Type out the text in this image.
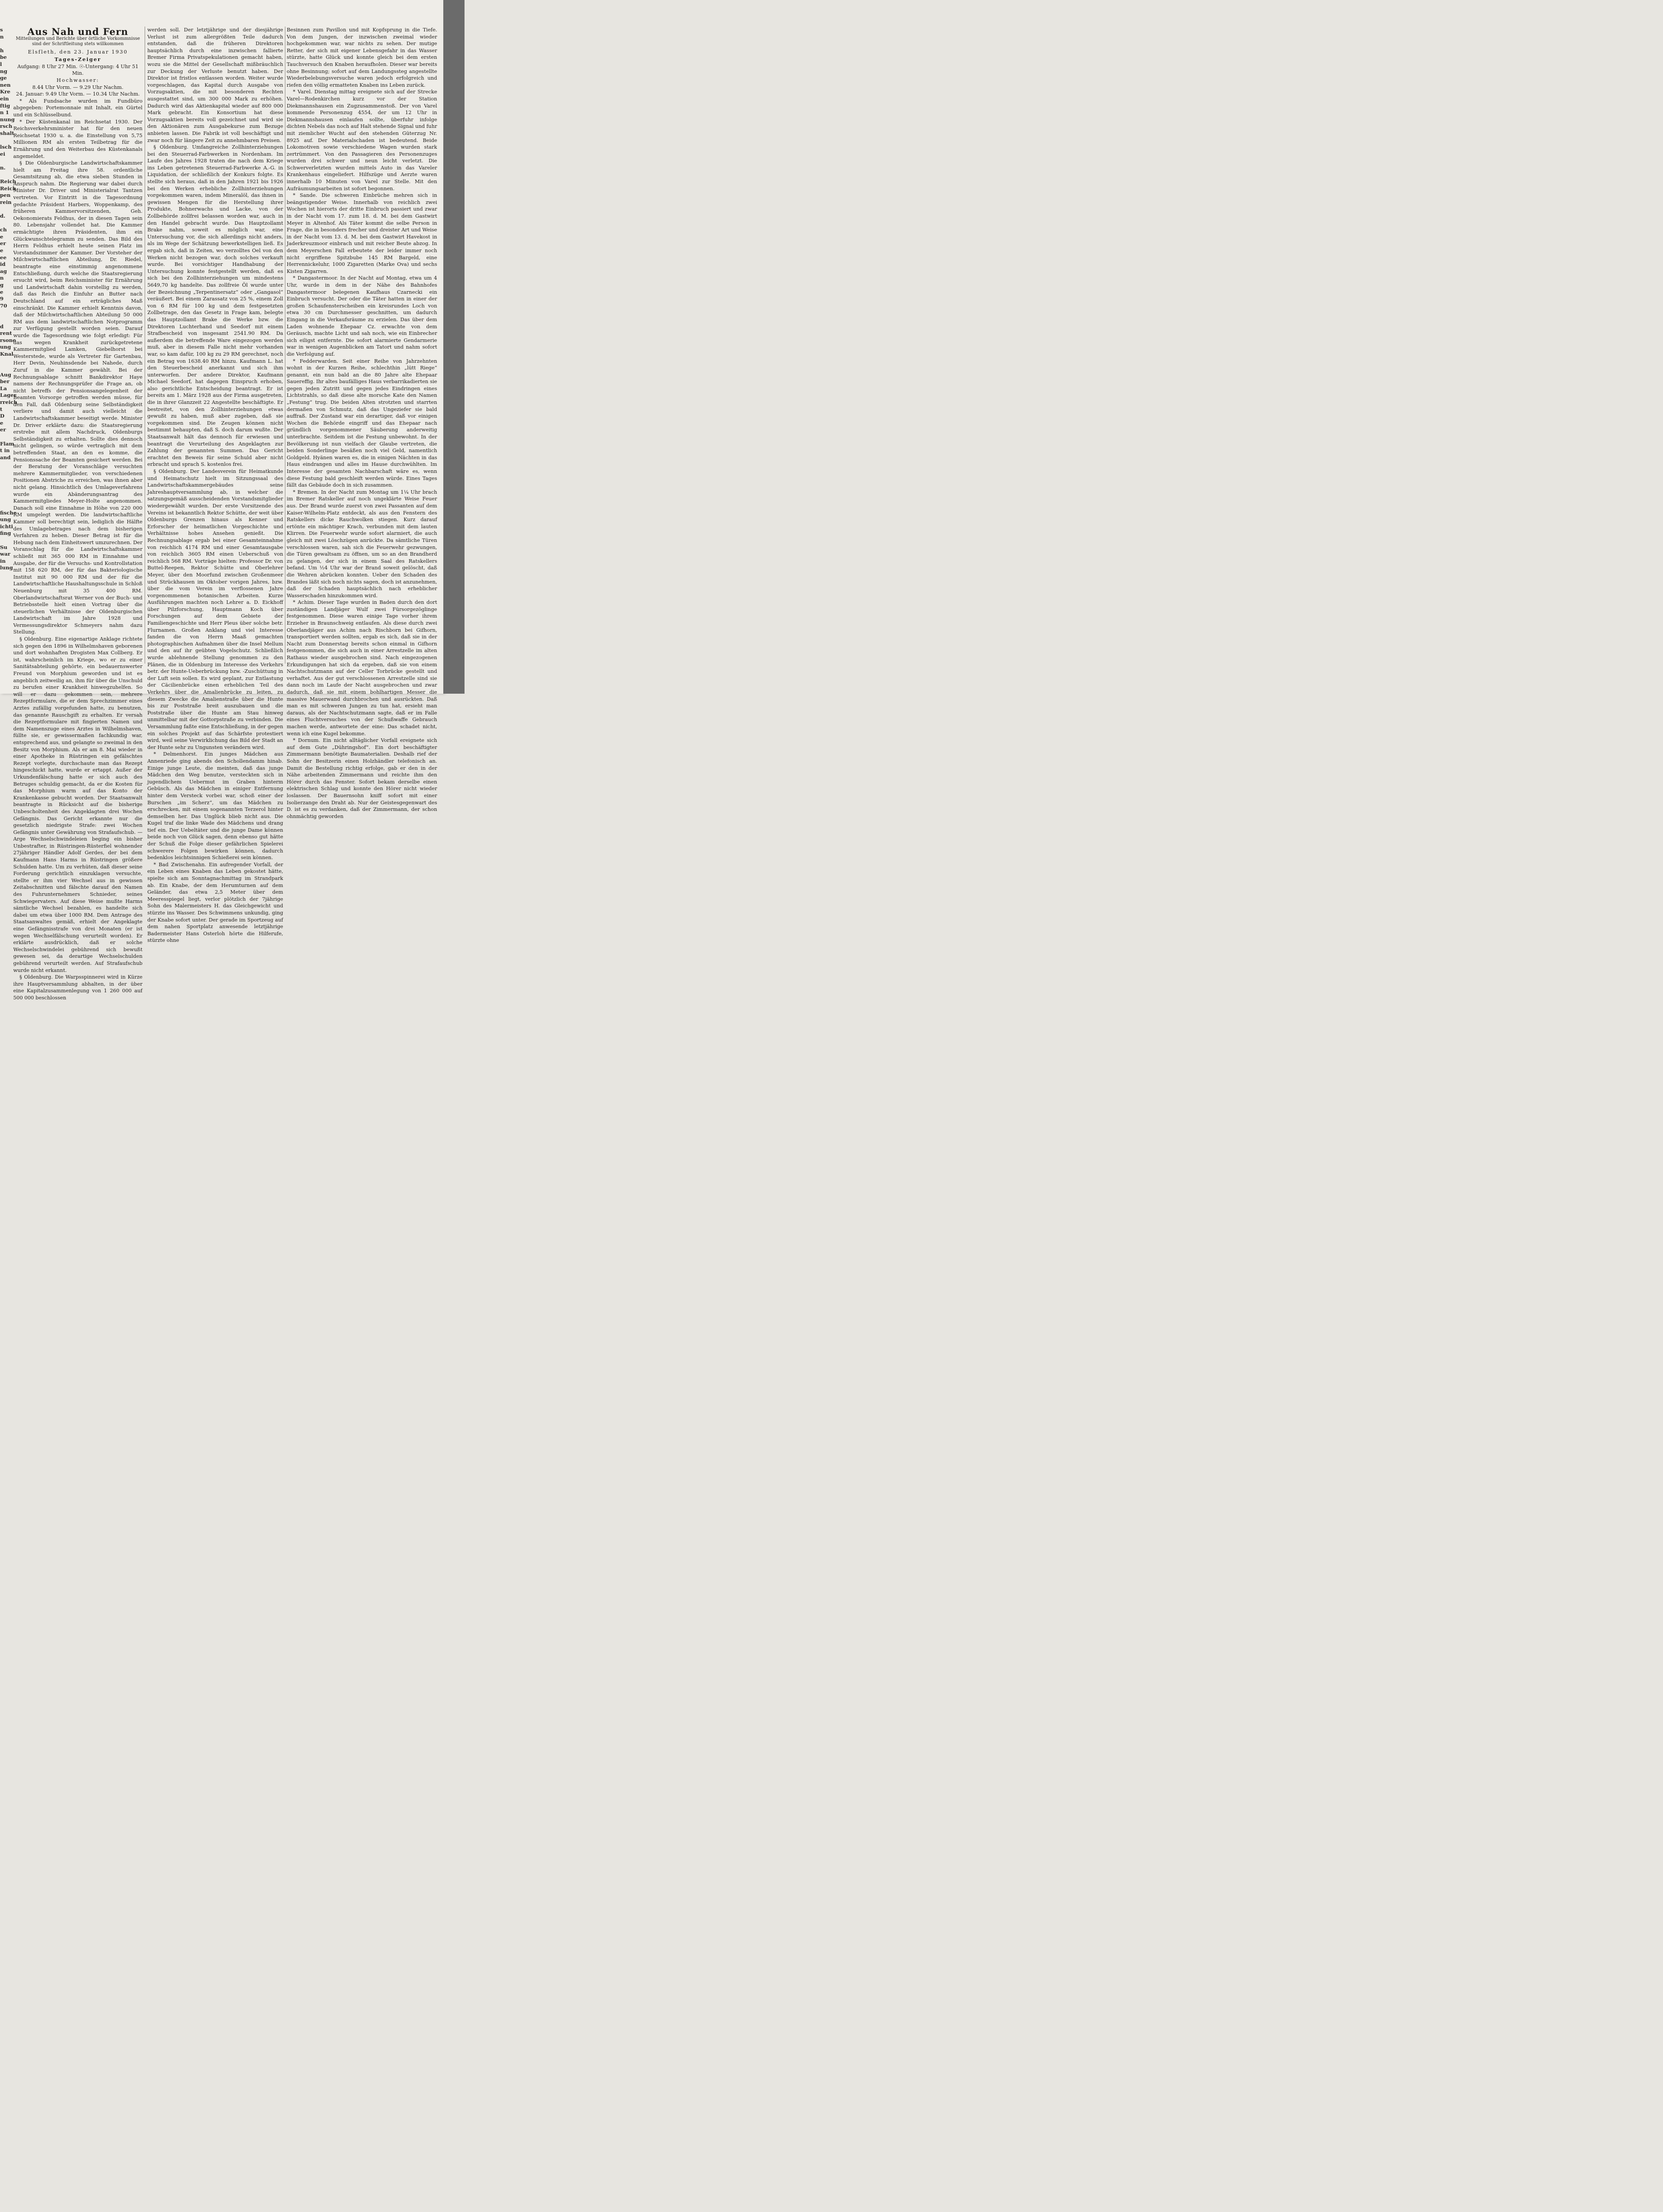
s
n

h
be
l
ng
ge
nen
Kre
ein
ftig
n 1
nung
rsch
shalt

lsch
ei

n.

Reich
Reich
pen
rein

d.

ch
e
er
e
ee
id
ag
n
g
e
9
70

d
rent
rsone
ung
Knal

Aug
ber
La
Lager
rreich
t
D
e
er

Flam
t in
and

fische
ung
ichti
fing

Su
war
in
lung

Aus Nah und Fern
Mitteilungen und Berichte über örtliche Vorkommnisse sind der Schriftleitung stets willkommen
Elsfleth, den 23. Januar 1930
Tages-Zeiger
Aufgang: 8 Uhr 27 Min. ☉-Untergang: 4 Uhr 51 Min.
Hochwasser:
8.44 Uhr Vorm. — 9.29 Uhr Nachm.
24. Januar: 9.49 Uhr Vorm. — 10.34 Uhr Nachm.

* Als Fundsache wurden im Fundbüro abgegeben: Portemonnaie mit Inhalt, ein Gürtel und ein Schlüsselbund.

* Der Küstenkanal im Reichsetat 1930. Der Reichsverkehrsminister hat für den neuen Reichsetat 1930 u. a. die Einstellung von 5,75 Millionen RM als ersten Teilbetrag für die Ernährung und den Weiterbau des Küstenkanals angemeldet.

§ Die Oldenburgische Landwirtschaftskammer hielt am Freitag ihre 58. ordentliche Gesamtsitzung ab, die etwa sieben Stunden in Anspruch nahm. Die Regierung war dabei durch Minister Dr. Driver und Ministerialrat Tantzen vertreten. Vor Eintritt in die Tagesordnung gedachte Präsident Harbers, Woppenkamp, des früheren Kammervorsitzenden, Geh. Oekonomierats Feldhus, der in diesen Tagen sein 80. Lebensjahr vollendet hat. Die Kammer ermächtigte ihren Präsidenten, ihm ein Glückwunschtelegramm zu senden. Das Bild des Herrn Feldhus erhielt heute seinen Platz im Vorstandszimmer der Kammer. Der Vorsteher der Milchwirtschaftlichen Abteilung, Dr. Riedel, beantragte eine einstimmig angenommene Entschließung, durch welche die Staatsregierung ersucht wird, beim Reichsminister für Ernährung und Landwirtschaft dahin vorstellig zu werden, daß das Reich die Einfuhr an Butter nach Deutschland auf ein erträgliches Maß einschränkt. Die Kammer erhielt Kenntnis davon, daß der Milchwirtschaftlichen Abteilung 50 000 RM aus dem landwirtschaftlichen Notprogramm zur Verfügung gestellt worden seien. Darauf wurde die Tagesordnung wie folgt erledigt: Für das wegen Krankheit zurückgetretene Kammermitglied Lamken, Giebelhorst bei Westerstede, wurde als Vertreter für Gartenbau, Herr Devin, Neuhinsdende bei Nahede, durch Zuruf in die Kammer gewählt. Bei der Rechnungsablage schnitt Bankdirektor Haye namens der Rechnungsprüfer die Frage an, ob nicht betreffs der Pensionsangelegenheit der Beamten Vorsorge getroffen werden müsse, für den Fall, daß Oldenburg seine Selbständigkeit verliere und damit auch vielleicht die Landwirtschaftskammer beseitigt werde. Minister Dr. Driver erklärte dazu: die Staatsregierung erstrebe mit allem Nachdruck, Oldenburgs Selbständigkeit zu erhalten. Sollte dies dennoch nicht gelingen, so würde vertraglich mit dem betreffenden Staat, an den es komme, die Pensionssache der Beamten gesichert werden. Bei der Beratung der Voranschläge versuchten mehrere Kammermitglieder, von verschiedenen Positionen Abstriche zu erreichen, was ihnen aber nicht gelang. Hinsichtlich des Umlageverfahrens wurde ein Abänderungsantrag des Kammermitgliedes Meyer-Holte angenommen. Danach soll eine Einnahme in Höhe von 220 000 RM umgelegt werden. Die landwirtschaftliche Kammer soll berechtigt sein, lediglich die Hälfte des Umlagebetrages nach dem bisherigen Verfahren zu heben. Dieser Betrag ist für die Hebung nach dem Einheitswert umzurechnen. Der Voranschlag für die Landwirtschaftskammer schließt mit 365 000 RM in Einnahme und Ausgabe, der für die Versuchs- und Kontrollstation mit 158 620 RM, der für das Bakteriologische Institut mit 90 000 RM und der für die Landwirtschaftliche Haushaltungsschule in Schloß Neuenburg mit 35 400 RM. Oberlandwirtschaftsrat Werner von der Buch- und Betriebsstelle hielt einen Vortrag über die steuerlichen Verhältnisse der Oldenburgischen Landwirtschaft im Jahre 1928 und Vermessungsdirektor Schmeyers nahm dazu Stellung.

§ Oldenburg. Eine eigenartige Anklage richtete sich gegen den 1896 in Wilhelmshaven geborenen und dort wohnhaften Drogisten Max Collberg. Er ist, wahrscheinlich im Kriege, wo er zu einer Sanitätsabteilung gehörte, ein bedauernswerter Freund von Morphium geworden und ist es angeblich zeitweilig an, ihm für über die Unschuld zu berufen einer Krankheit hinwegzuhelfen. So will er dazu gekommen sein, mehrere Rezeptformulare, die er dem Sprechzimmer eines Arztes zufällig vorgefunden hatte, zu benutzen, das genannte Rauschgift zu erhalten. Er versah die Rezeptformulare mit fingierten Namen und dem Namenszuge eines Arztes in Wilhelmshaven, füllte sie, er gewissermaßen fachkundig war, entsprechend aus, und gelangte so zweimal in den Besitz von Morphium. Als er am 8. Mai wieder in einer Apotheke in Rüstringen ein gefälschtes Rezept vorlegte, durchschaute man das Rezept hingeschickt hatte, wurde er ertappt. Außer der Urkundenfälschung hatte er sich auch des Betruges schuldig gemacht, da er die Kosten für das Morphium warm auf das Konto der Krankenkasse gebucht worden. Der Staatsanwalt beantragte in Rücksicht auf die bisherige Unbescholtenheit des Angeklagten drei Wochen Gefängnis. Das Gericht erkannte nur die gesetzlich niedrigste Strafe: zwei Wochen Gefängnis unter Gewährung von Strafaufschub. — Arge Wechselschwindeleien beging ein bisher Unbestrafter, in Rüstringen-Rüsterfiel wohnender 27jähriger Händler Adolf Gerdes, der bei dem Kaufmann Hans Harms in Rüstringen größere Schulden hatte. Um zu verhüten, daß dieser seine Forderung gerichtlich einzuklagen versuchte, stellte er ihm vier Wechsel aus in gewissen Zeitabschnitten und fälschte darauf den Namen des Fuhrunternehmers Schnieder, seines Schwiegervaters. Auf diese Weise mußte Harms sämtliche Wechsel bezahlen, es handelte sich dabei um etwa über 1000 RM. Dem Antrage des Staatsanwaltes gemäß, erhielt der Angeklagte eine Gefängnisstrafe von drei Monaten (er ist wegen Wechselfälschung verurteilt worden). Er erklärte ausdrücklich, daß er solche Wechselschwindelei gebührend sich bewußt gewesen sei, da derartige Wechselschulden gebührend verurteilt werden. Auf Strafaufschub wurde nicht erkannt.

§ Oldenburg. Die Warpsspinnerei wird in Kürze ihre Hauptversammlung abhalten, in der über eine Kapitalzusammenlegung von 1 260 000 auf 500 000 beschlossen

werden soll. Der letztjährige und der diesjährige Verlust ist zum allergrößten Teile dadurch entstanden, daß die früheren Direktoren hauptsächlich durch eine inzwischen fallierte Bremer Firma Privatspekulationen gemacht haben, wozu sie die Mittel der Gesellschaft mißbräuchlich zur Deckung der Verluste benutzt haben. Der Direktor ist fristlos entlassen worden. Weiter wurde vorgeschlagen, das Kapital durch Ausgabe von Vorzugsaktien, die mit besonderen Rechten ausgestattet sind, um 300 000 Mark zu erhöhen. Dadurch wird das Aktienkapital wieder auf 800 000 Mark gebracht. Ein Konsortium hat diese Vorzugsaktien bereits voll gezeichnet und wird sie den Aktionären zum Ausgabekurse zum Bezuge anbieten lassen. Die Fabrik ist voll beschäftigt und zwar noch für längere Zeit zu annehmbaren Preisen.

§ Oldenburg. Umfangreiche Zollhinterziehungen bei den Steuerrad-Farbwerken in Nordenham. Im Laufe des Jahres 1928 traten die nach dem Kriege ins Leben getretenen Steuerrad-Farbwerke A.-G. in Liquidation, der schließlich der Konkurs folgte. Es stellte sich heraus, daß in den Jahren 1921 bis 1926 bei den Werken erhebliche Zollhinterziehungen vorgekommen waren, indem Mineralöl, das ihnen in gewissen Mengen für die Herstellung ihrer Produkte, Bohnerwachs und Lacke, von der Zollbehörde zollfrei belassen worden war, auch in den Handel gebracht wurde. Das Hauptzollamt Brake nahm, soweit es möglich war, eine Untersuchung vor, die sich allerdings nicht anders, als im Wege der Schätzung bewerkstelligen ließ. Es ergab sich, daß in Zeiten, wo verzolltes Oel von den Werken nicht bezogen war, doch solches verkauft wurde. Bei vorsichtiger Handhabung der Untersuchung konnte festgestellt werden, daß es sich bei den Zollhinterziehungen um mindestens 5649,70 kg handelte. Das zollfreie Öl wurde unter der Bezeichnung „Terpentinersatz“ oder „Gangasol“ veräußert. Bei einem Zarassatz von 25 %, einem Zoll von 6 RM für 100 kg und dem festgesetzten Zollbetrage, den das Gesetz in Frage kam, belegte das Hauptzollamt Brake die Werke bzw. die Direktoren Luchterhand und Seedorf mit einem Strafbescheid von insgesamt 2541.90 RM. Da außerdem die betreffende Ware eingezogen werden muß, aber in diesem Falle nicht mehr vorhanden war, so kam dafür, 100 kg zu 29 RM gerechnet, noch ein Betrag von 1638.40 RM hinzu. Kaufmann L. hat den Steuerbescheid anerkannt und sich ihm unterworfen. Der andere Direktor, Kaufmann Michael Seedorf, hat dagegen Einspruch erhoben, also gerichtliche Entscheidung beantragt. Er ist bereits am 1. März 1928 aus der Firma ausgetreten, die in ihrer Glanzzeit 22 Angestellte beschäftigte. Er bestreitet, von den Zollhinterziehungen etwas gewußt zu haben, muß aber zugeben, daß sie vorgekommen sind. Die Zeugen können nicht bestimmt behaupten, daß S. doch darum wußte. Der Staatsanwalt hält das dennoch für erwiesen und beantragt die Verurteilung des Angeklagten zur Zahlung der genannten Summen. Das Gericht erachtet den Beweis für seine Schuld aber nicht erbracht und sprach S. kostenlos frei.

§ Oldenburg. Der Landesverein für Heimatkunde und Heimatschutz hielt im Sitzungssaal des Landwirtschaftskammergebäudes seine Jahreshauptversammlung ab, in welcher die satzungsgemäß ausscheidenden Vorstandsmitglieder wiedergewählt wurden. Der erste Vorsitzende des Vereins ist bekanntlich Rektor Schütte, der weit über Oldenburgs Grenzen hinaus als Kenner und Erforscher der heimatlichen Vorgeschichte und Verhältnisse hohes Ansehen genießt. Die Rechnungsablage ergab bei einer Gesamteinnahme von reichlich 4174 RM und einer Gesamtausgabe von reichlich 3605 RM einen Ueberschuß von reichlich 568 RM. Vorträge hielten: Professor Dr. von Buttel-Reepen, Rektor Schütte und Oberlehrer Meyer, über den Moorfund zwischen Großenmeer und Strückhausen im Oktober vorigen Jahres, bzw. über die vom Verein im verflossenen Jahre vorgenommenen botanischen Arbeiten. Kurze Ausführungen machten noch Lehrer a. D. Eickhoff über Pilzforschung, Hauptmann Koch über Forschungen auf dem Gebiete der Familiengeschichte und Herr Pleus über solche betr. Flurnamen. Großen Anklang und viel Interesse fanden die von Herrn Maaß gemachten photographischen Aufnahmen über die Insel Mellum und den auf ihr geübten Vogelschutz. Schließlich wurde ablehnende Stellung genommen zu den Plänen, die in Oldenburg im Interesse des Verkehrs betr. der Hunte-Ueberbrückung bzw. -Zuschüttung in der Luft sein sollen. Es wird geplant, zur Entlastung der Cäcilienbrücke einen erheblichen Teil des Verkehrs über die Amalienbrücke zu leiten, zu diesem Zwecke die Amalienstraße über die Hunte bis zur Poststraße breit auszubauen und die Poststraße über die Hunte am Stau hinweg unmittelbar mit der Gottorpstraße zu verbinden. Die Versammlung faßte eine Entschließung, in der gegen ein solches Projekt auf das Schärfste protestiert wird, weil seine Verwirklichung das Bild der Stadt an der Hunte sehr zu Ungunsten verändern wird.

* Delmenhorst. Ein junges Mädchen aus Annenriede ging abends den Schollendamm hinab. Einige junge Leute, die meinten, daß das junge Mädchen den Weg benutze, versteckten sich in jugendlichem Uebermut im Graben hinterm Gebüsch. Als das Mädchen in einiger Entfernung hinter dem Versteck vorbei war, schoß einer der Burschen „im Scherz“, um das Mädchen zu erschrecken, mit einem sogenannten Terzerol hinter demselben her. Das Unglück blieb nicht aus. Die Kugel traf die linke Wade des Mädchens und drang tief ein. Der Uebeltäter und die junge Dame können beide noch von Glück sagen, denn ebenso gut hätte der Schuß die Folge dieser gefährlichen Spielerei schwerere Folgen bewirken können, dadurch bedenklos leichtsinnigen Schießerei sein können.

* Bad Zwischenahn. Ein aufregender Vorfall, der ein Leben eines Knaben das Leben gekostet hätte, spielte sich am Sonntagnachmittag im Strandpark ab. Ein Knabe, der dem Herumturnen auf dem Geländer, das etwa 2,5 Meter über dem Meeresspiegel liegt, verlor plötzlich der 7jährige Sohn des Malermeisters H. das Gleichgewicht und stürzte ins Wasser. Des Schwimmens unkundig, ging der Knabe sofort unter. Der gerade im Sportzeug auf dem nahen Sportplatz anwesende letztjährige Badermeister Hans Osterloh hörte die Hilferufe, stürzte ohne

Besinnen zum Pavillon und mit Kopfsprung in die Tiefe. Von dem Jungen, der inzwischen zweimal wieder hochgekommen war, war nichts zu sehen. Der mutige Retter, der sich mit eigener Lebensgefahr in das Wasser stürzte, hatte Glück und konnte gleich bei dem ersten Tauchversuch den Knaben heraufholen. Dieser war bereits ohne Besinnung; sofort auf dem Landungssteg angestellte Wiederbelebungsversuche waren jedoch erfolgreich und riefen den völlig ermatteten Knaben ins Leben zurück.

* Varel. Dienstag mittag ereignete sich auf der Strecke Varel—Rodenkirchen kurz vor der Station Diekmannshausen ein Zugzusammenstoß. Der von Varel kommende Personenzug 4554, der um 12 Uhr in Diekmannshausen einlaufen sollte, überfuhr infolge dichten Nebels das noch auf Halt stehende Signal und fuhr mit ziemlicher Wucht auf den stehenden Güterzug Nr. 8925 auf. Der Materialschaden ist bedeutend. Beide Lokomotiven sowie verschiedene Wagen wurden stark zertrümmert. Von den Passagieren des Personenzuges wurden drei schwer und neun leicht verletzt. Die Schwerverletzten wurden mittels Auto in das Vareler Krankenhaus eingeliefert. Hilfszüge und Aerzte waren innerhalb 10 Minuten von Varel zur Stelle. Mit den Aufräumungsarbeiten ist sofort begonnen.

* Sande. Die schweren Einbrüche mehren sich in beängstigender Weise. Innerhalb von reichlich zwei Wochen ist hierorts der dritte Einbruch passiert und zwar in der Nacht vom 17. zum 18. d. M. bei dem Gastwirt Meyer in Altenhof. Als Täter kommt die selbe Person in Frage, die in besonders frecher und dreister Art und Weise in der Nacht vom 13. d. M. bei dem Gastwirt Havekost in Jaderkreuzmoor einbrach und mit reicher Beute abzog. In dem Meyerschen Fall erbeutete der leider immer noch nicht ergriffene Spitzbube 145 RM Bargeld, eine Herrennickeluhr, 1000 Zigaretten (Marke Ova) und sechs Kisten Zigarren.

* Dangastermoor. In der Nacht auf Montag, etwa um 4 Uhr, wurde in dem in der Nähe des Bahnhofes Dangastermoor belegenen Kaufhaus Czarnecki ein Einbruch versucht. Der oder die Täter hatten in einer der großen Schaufensterscheiben ein kreisrundes Loch von etwa 30 cm Durchmesser geschnitten, um dadurch Eingang in die Verkaufsräume zu erzielen. Das über dem Laden wohnende Ehepaar Cz. erwachte von dem Geräusch, machte Licht und sah noch, wie ein Einbrecher sich eiligst entfernte. Die sofort alarmierte Gendarmerie war in wenigen Augenblicken am Tatort und nahm sofort die Verfolgung auf.

* Fedderwarden. Seit einer Reihe von Jahrzehnten wohnt in der Kurzen Reihe, schlechthin „lütt Riege“ genannt, ein nun bald an die 80 Jahre alte Ehepaar Sauereffig. Ihr altes baufälliges Haus verbarrikadierten sie gegen jeden Zutritt und gegen jedes Eindringen eines Lichtstrahls, so daß diese alte morsche Kate den Namen „Festung“ trug. Die beiden Alten strotzten und starrten dermaßen von Schmutz, daß das Ungeziefer sie bald auffraß. Der Zustand war ein derartiger, daß vor einigen Wochen die Behörde eingriff und das Ehepaar nach gründlich vorgenommener Säuberung anderweitig unterbrachte. Seitdem ist die Festung unbewohnt. In der Bevölkerung ist nun vielfach der Glaube vertreten, die beiden Sonderlinge besäßen noch viel Geld, namentlich Goldgeld. Hyänen waren es, die in einigen Nächten in das Haus eindrangen und alles im Hause durchwühlten. Im Interesse der gesamten Nachbarschaft wäre es, wenn diese Festung bald geschleift werden würde. Eines Tages fällt das Gebäude doch in sich zusammen.

* Bremen. In der Nacht zum Montag um 1¼ Uhr brach im Bremer Ratskeller auf noch ungeklärte Weise Feuer aus. Der Brand wurde zuerst von zwei Passanten auf dem Kaiser-Wilhelm-Platz entdeckt, als aus den Fenstern des Ratskellers dicke Rauchwolken stiegen. Kurz darauf ertönte ein mächtiger Krach, verbunden mit dem lauten Klirren. Die Feuerwehr wurde sofort alarmiert, die auch gleich mit zwei Löschzügen anrückte. Da sämtliche Türen verschlossen waren, sah sich die Feuerwehr gezwungen, die Türen gewaltsam zu öffnen, um so an den Brandherd zu gelangen, der sich in einem Saal des Ratskellers befand. Um ½4 Uhr war der Brand soweit gelöscht, daß die Wehren abrücken konnten. Ueber den Schaden des Brandes läßt sich noch nichts sagen, doch ist anzunehmen, daß der Schaden hauptsächlich nach erheblicher Wasserschaden hinzukommen wird.

* Achim. Dieser Tage wurden in Baden durch den dort zuständigen Landjäger Wulf zwei Fürsorgezöglinge festgenommen. Diese waren einige Tage vorher ihrem Erzieher in Braunschweig entlaufen. Als diese durch zwei Oberlandjäger aus Achim nach Rischborn bei Gifhorn, transportiert werden sollten, ergab es sich, daß sie in der Nacht zum Donnerstag bereits schon einmal in Gifhorn festgenommen, die sich auch in einer Arrestzelle im alten Rathaus wieder ausgebrochen sind. Nach eingezogenen Erkundigungen hat sich da ergeben, daß sie von einem Nachtschutzmann auf der Celler Torbrücke gestellt und verhaftet. Aus der gut verschlossenen Arrestzelle sind sie dann noch im Laufe der Nacht ausgebrochen und zwar dadurch, daß sie mit einem bohlhartigen Messer die massive Mauerwand durchbrochen und ausrückten. Daß man es mit schweren Jungen zu tun hat, ersieht man daraus, als der Nachtschutzmann sagte, daß er im Falle eines Fluchtversuches von der Schußwaffe Gebrauch machen werde, antwortete der eine: Das schadet nicht, wenn ich eine Kugel bekomme.

* Dornum. Ein nicht alltäglicher Vorfall ereignete sich auf dem Gute „Dühringshof“. Ein dort beschäftigter Zimmermann benötigte Baumaterialien. Deshalb rief der Sohn der Besitzerin einen Holzhändler telefonisch an. Damit die Bestellung richtig erfolge, gab er den in der Nähe arbeitenden Zimmermann und reichte ihm den Hörer durch das Fenster. Sofort bekam derselbe einen elektrischen Schlag und konnte den Hörer nicht wieder loslassen. Der Bauernsohn kniff sofort mit einer Isolierzange den Draht ab. Nur der Geistesgegenwart des D. ist es zu verdanken, daß der Zimmermann, der schon ohnmächtig geworden
